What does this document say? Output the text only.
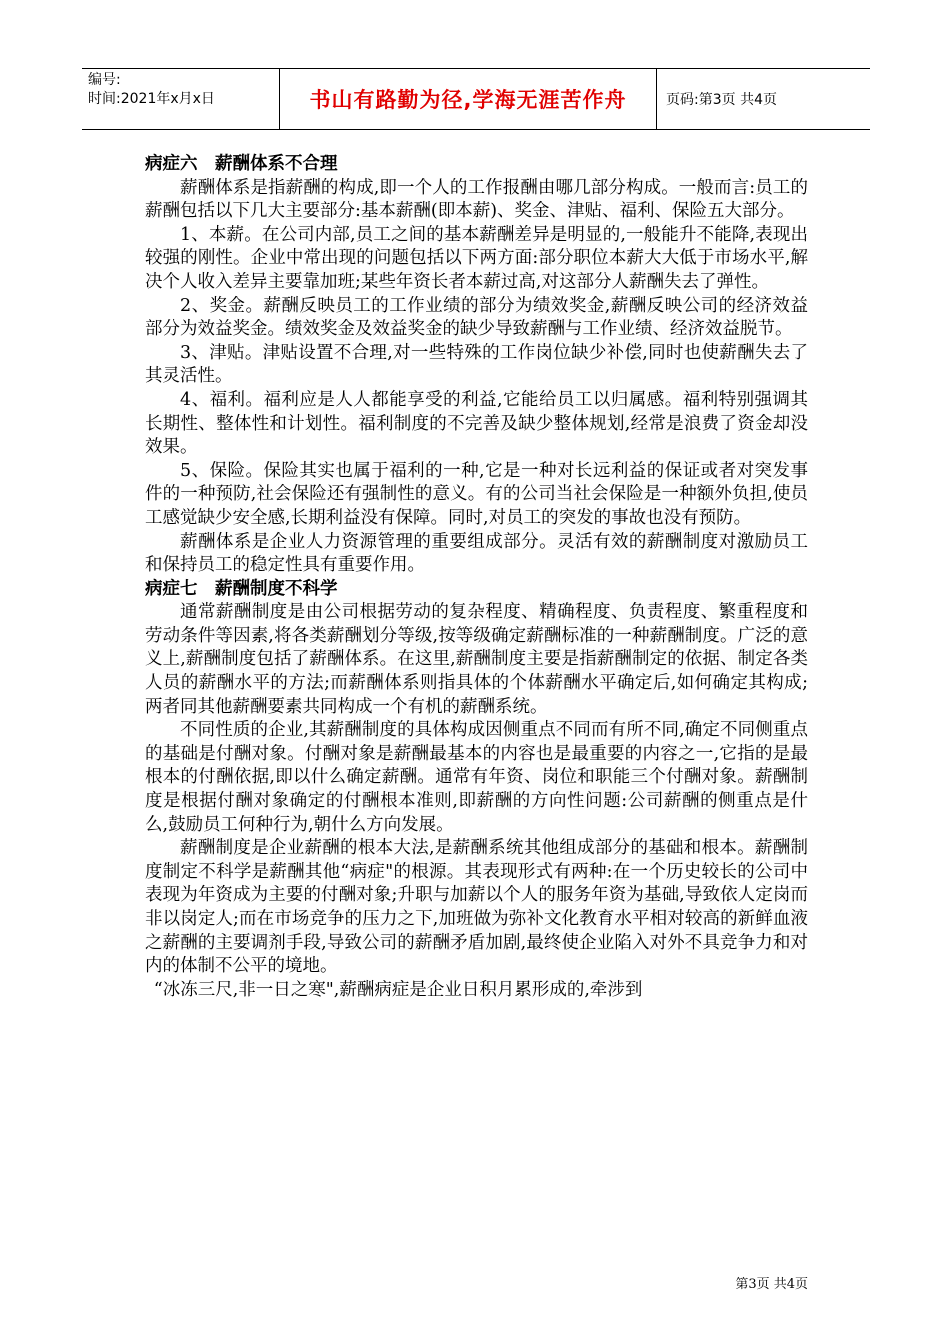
编号:
时间:2021年x月x日	书山有路勤为径,学海无涯苦作舟	页码:第3页 共4页
病症六　薪酬体系不合理

薪酬体系是指薪酬的构成,即一个人的工作报酬由哪几部分构成。一般而言:员工的薪酬包括以下几大主要部分:基本薪酬(即本薪)、奖金、津贴、福利、保险五大部分。

1、本薪。在公司内部,员工之间的基本薪酬差异是明显的,一般能升不能降,表现出较强的刚性。企业中常出现的问题包括以下两方面:部分职位本薪大大低于市场水平,解决个人收入差异主要靠加班;某些年资长者本薪过高,对这部分人薪酬失去了弹性。

2、奖金。薪酬反映员工的工作业绩的部分为绩效奖金,薪酬反映公司的经济效益部分为效益奖金。绩效奖金及效益奖金的缺少导致薪酬与工作业绩、经济效益脱节。

3、津贴。津贴设置不合理,对一些特殊的工作岗位缺少补偿,同时也使薪酬失去了其灵活性。

4、福利。福利应是人人都能享受的利益,它能给员工以归属感。福利特别强调其长期性、整体性和计划性。福利制度的不完善及缺少整体规划,经常是浪费了资金却没效果。

5、保险。保险其实也属于福利的一种,它是一种对长远利益的保证或者对突发事件的一种预防,社会保险还有强制性的意义。有的公司当社会保险是一种额外负担,使员工感觉缺少安全感,长期利益没有保障。同时,对员工的突发的事故也没有预防。

薪酬体系是企业人力资源管理的重要组成部分。灵活有效的薪酬制度对激励员工和保持员工的稳定性具有重要作用。

病症七　薪酬制度不科学

通常薪酬制度是由公司根据劳动的复杂程度、精确程度、负责程度、繁重程度和劳动条件等因素,将各类薪酬划分等级,按等级确定薪酬标准的一种薪酬制度。广泛的意义上,薪酬制度包括了薪酬体系。在这里,薪酬制度主要是指薪酬制定的依据、制定各类人员的薪酬水平的方法;而薪酬体系则指具体的个体薪酬水平确定后,如何确定其构成;两者同其他薪酬要素共同构成一个有机的薪酬系统。

不同性质的企业,其薪酬制度的具体构成因侧重点不同而有所不同,确定不同侧重点的基础是付酬对象。付酬对象是薪酬最基本的内容也是最重要的内容之一,它指的是最根本的付酬依据,即以什么确定薪酬。通常有年资、岗位和职能三个付酬对象。薪酬制度是根据付酬对象确定的付酬根本准则,即薪酬的方向性问题:公司薪酬的侧重点是什么,鼓励员工何种行为,朝什么方向发展。

薪酬制度是企业薪酬的根本大法,是薪酬系统其他组成部分的基础和根本。薪酬制度制定不科学是薪酬其他“病症"的根源。其表现形式有两种:在一个历史较长的公司中表现为年资成为主要的付酬对象;升职与加薪以个人的服务年资为基础,导致依人定岗而非以岗定人;而在市场竞争的压力之下,加班做为弥补文化教育水平相对较高的新鲜血液之薪酬的主要调剂手段,导致公司的薪酬矛盾加剧,最终使企业陷入对外不具竞争力和对内的体制不公平的境地。

“冰冻三尺,非一日之寒",薪酬病症是企业日积月累形成的,牵涉到

第3页 共4页
